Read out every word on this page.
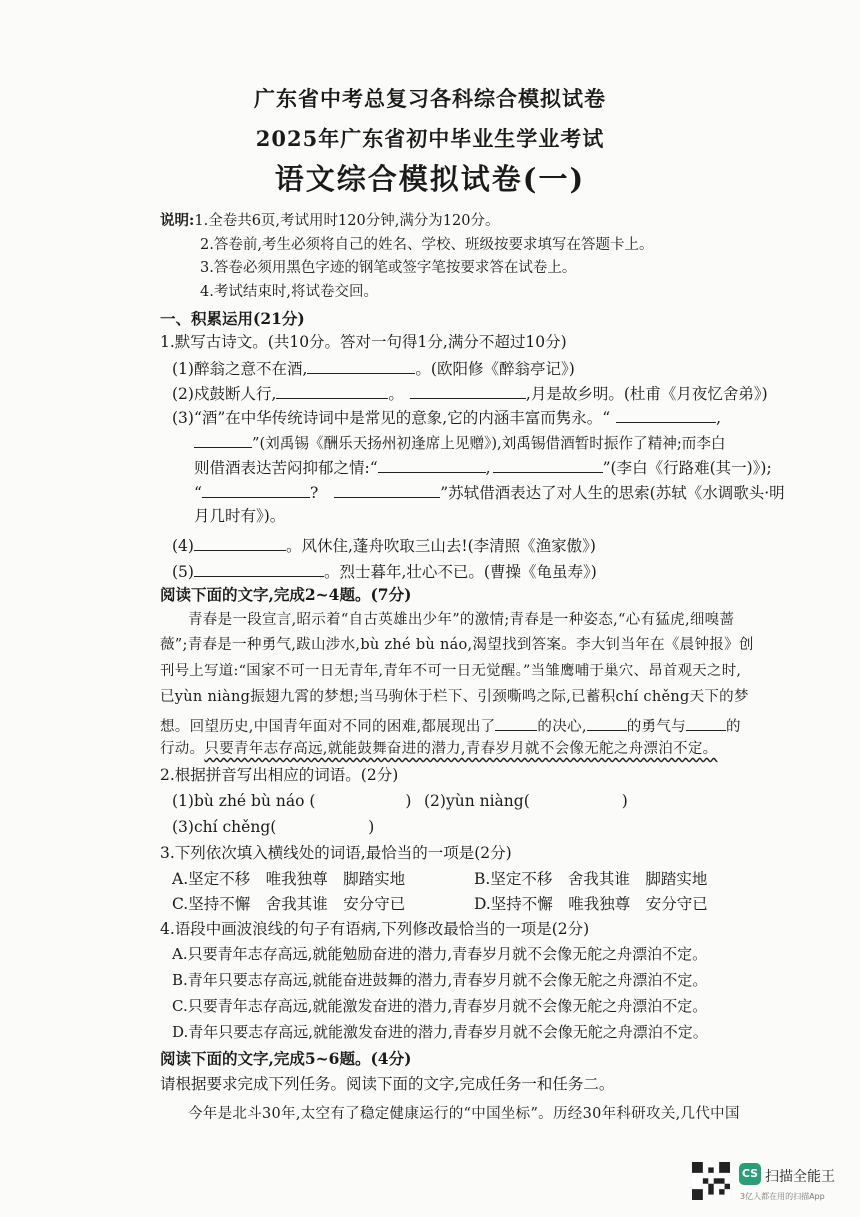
广东省中考总复习各科综合模拟试卷
2025年广东省初中毕业生学业考试
语文综合模拟试卷(一)
说明:1.全卷共6页,考试用时120分钟,满分为120分。
2.答卷前,考生必须将自己的姓名、学校、班级按要求填写在答题卡上。
3.答卷必须用黑色字迹的钢笔或签字笔按要求答在试卷上。
4.考试结束时,将试卷交回。
一、积累运用(21分)
1.默写古诗文。(共10分。答对一句得1分,满分不超过10分)
(1)醉翁之意不在酒,	。(欧阳修《醉翁亭记》)
(2)戍鼓断人行,	。	,月是故乡明。(杜甫《月夜忆舍弟》)
(3)“酒”在中华传统诗词中是常见的意象,它的内涵丰富而隽永。“	,
”(刘禹锡《酬乐天扬州初逢席上见赠》),刘禹锡借酒暂时振作了精神;而李白
则借酒表达苦闷抑郁之情:“	,	”(李白《行路难(其一)》);
“	?	”苏轼借酒表达了对人生的思索(苏轼《水调歌头·明
月几时有》)。
(4)	。风休住,蓬舟吹取三山去!(李清照《渔家傲》)
(5)	。烈士暮年,壮心不已。(曹操《龟虽寿》)
阅读下面的文字,完成2~4题。(7分)
青春是一段宣言,昭示着“自古英雄出少年”的激情;青春是一种姿态,“心有猛虎,细嗅蔷
薇”;青春是一种勇气,跋山涉水,bù zhé bù náo,渴望找到答案。李大钊当年在《晨钟报》创
刊号上写道:“国家不可一日无青年,青年不可一日无觉醒。”当雏鹰哺于巢穴、昂首观天之时,
已yùn niàng振翅九霄的梦想;当马驹休于栏下、引颈嘶鸣之际,已蓄积chí chěng天下的梦
想。回望历史,中国青年面对不同的困难,都展现出了	的决心,	的勇气与	的
行动。只要青年志存高远,就能鼓舞奋进的潜力,青春岁月就不会像无舵之舟漂泊不定。
2.根据拼音写出相应的词语。(2分)
(1)bù zhé bù náo (	) (2)yùn niàng(	)
(3)chí chěng(	)
3.下列依次填入横线处的词语,最恰当的一项是(2分)
A.坚定不移　唯我独尊　脚踏实地	B.坚定不移　舍我其谁　脚踏实地
C.坚持不懈　舍我其谁　安分守已	D.坚持不懈　唯我独尊　安分守已
4.语段中画波浪线的句子有语病,下列修改最恰当的一项是(2分)
A.只要青年志存高远,就能勉励奋进的潜力,青春岁月就不会像无舵之舟漂泊不定。
B.青年只要志存高远,就能奋进鼓舞的潜力,青春岁月就不会像无舵之舟漂泊不定。
C.只要青年志存高远,就能激发奋进的潜力,青春岁月就不会像无舵之舟漂泊不定。
D.青年只要志存高远,就能激发奋进的潜力,青春岁月就不会像无舵之舟漂泊不定。
阅读下面的文字,完成5~6题。(4分)
请根据要求完成下列任务。阅读下面的文字,完成任务一和任务二。
今年是北斗30年,太空有了稳定健康运行的“中国坐标”。历经30年科研攻关,几代中国
CS 扫描全能王
3亿人都在用的扫描App
